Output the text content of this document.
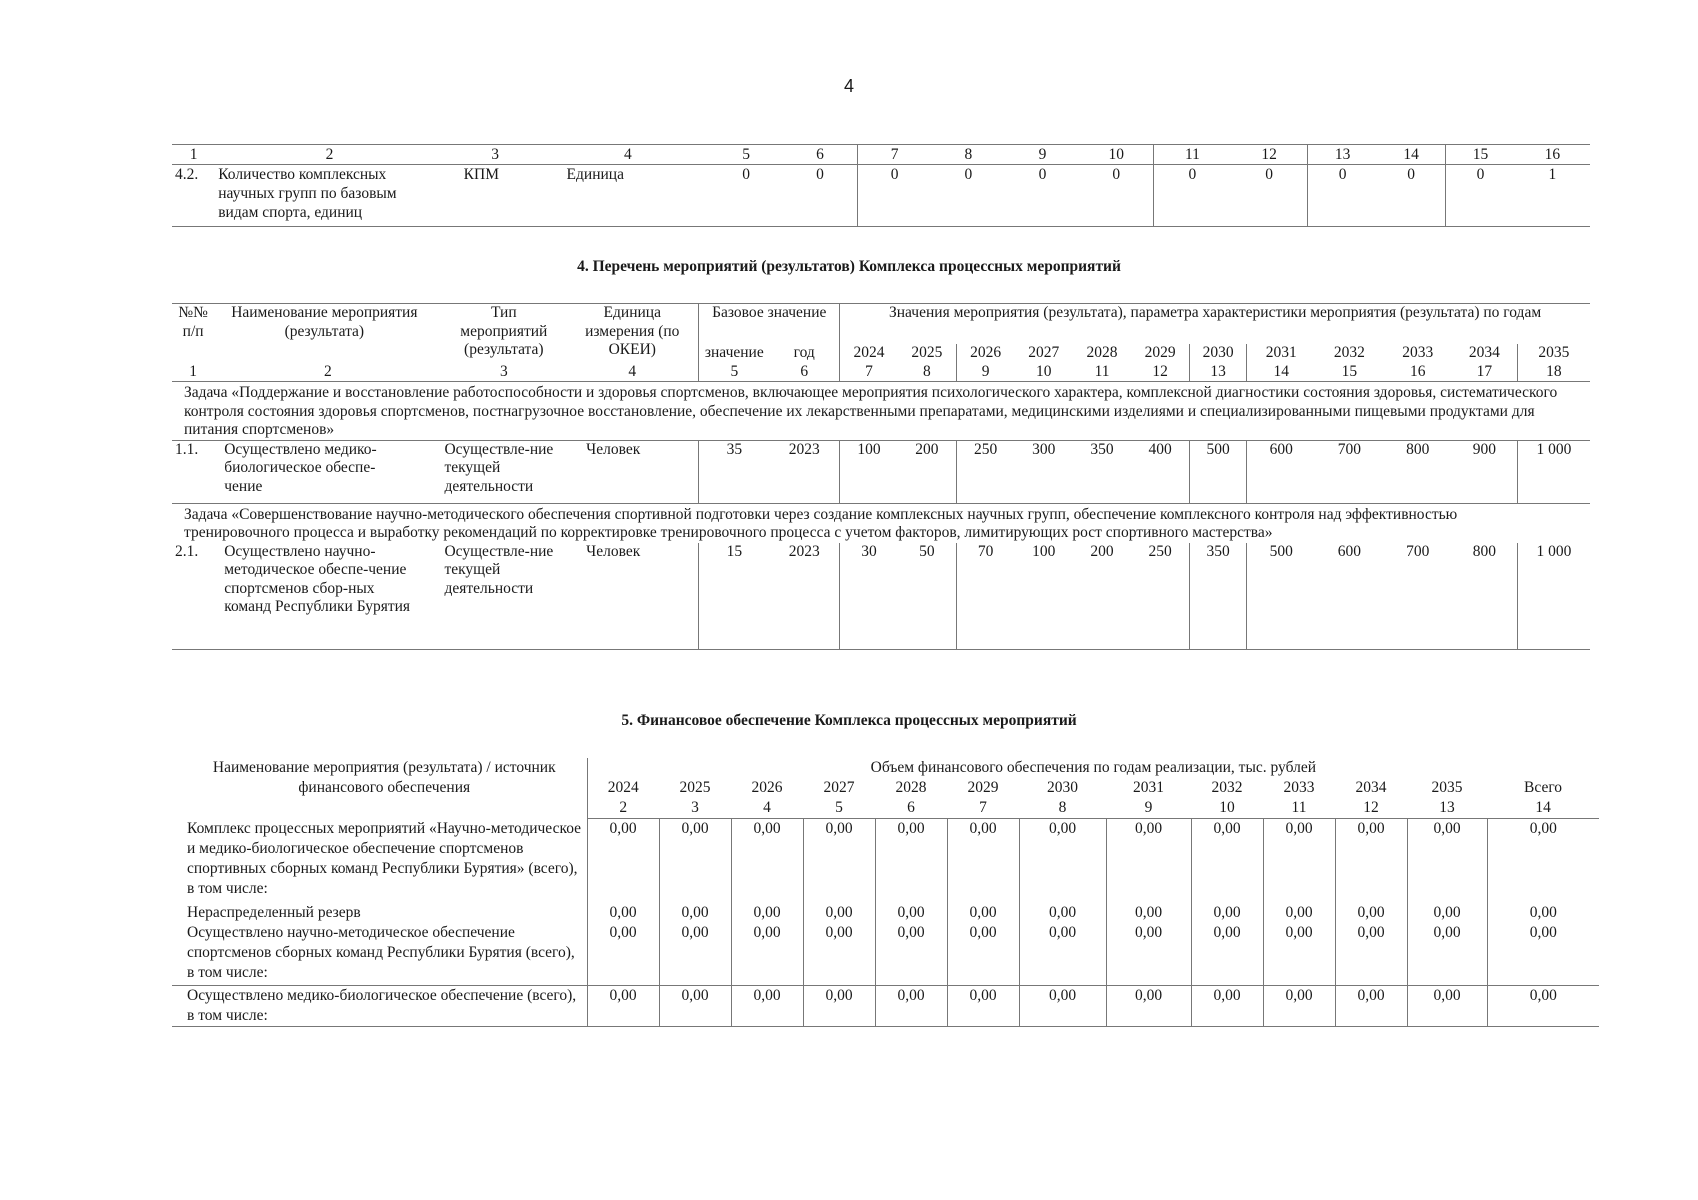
4
1	2	3	4	5	6	7	8	9	10	11	12	13	14	15	16
4.2.	Количество комплексных научных групп по базовым видам спорта, единиц	КПМ	Единица	0	0	0	0	0	0	0	0	0	0	0	1
4. Перечень мероприятий (результатов) Комплекса процессных мероприятий
№№ п/п	Наименование мероприятия (результата)	Тип мероприятий (результата)	Единица измерения (по ОКЕИ)	Базовое значение		Значения мероприятия (результата), параметра характеристики мероприятия (результата) по годам											
				значение	год	2024	2025	2026	2027	2028	2029	2030	2031	2032	2033	2034	2035
1	2	3	4	5	6	7	8	9	10	11	12	13	14	15	16	17	18
Задача «Поддержание и восстановление работоспособности и здоровья спортсменов, включающее мероприятия психологического характера, комплексной диагностики состояния здоровья, систематического контроля состояния здоровья спортсменов, постнагрузочное восстановление, обеспечение их лекарственными препаратами, медицинскими изделиями и специализированными пищевыми продуктами для питания спортсменов»																	
1.1.	Осуществлено медико-биологическое обеспе-чение	Осуществле-ние текущей деятельности	Человек	35	2023	100	200	250	300	350	400	500	600	700	800	900	1 000
Задача «Совершенствование научно-методического обеспечения спортивной подготовки через создание комплексных научных групп, обеспечение комплексного контроля над эффективностью тренировочного процесса и выработку рекомендаций по корректировке тренировочного процесса с учетом факторов, лимитирующих рост спортивного мастерства»																	
2.1.	Осуществлено научно-методическое обеспе-чение спортсменов сбор-ных команд Республики Бурятия	Осуществле-ние текущей деятельности	Человек	15	2023	30	50	70	100	200	250	350	500	600	700	800	1 000
5. Финансовое обеспечение Комплекса процессных мероприятий
Наименование мероприятия (результата) / источник финансового обеспечения	Объем финансового обеспечения по годам реализации, тыс. рублей												
	2024	2025	2026	2027	2028	2029	2030	2031	2032	2033	2034	2035	Всего
	2	3	4	5	6	7	8	9	10	11	12	13	14
Комплекс процессных мероприятий «Научно-методическое и медико-биологическое обеспечение спортсменов спортивных сборных команд Республики Бурятия» (всего), в том числе:	0,00	0,00	0,00	0,00	0,00	0,00	0,00	0,00	0,00	0,00	0,00	0,00	0,00
Нераспределенный резерв	0,00	0,00	0,00	0,00	0,00	0,00	0,00	0,00	0,00	0,00	0,00	0,00	0,00
Осуществлено научно-методическое обеспечение спортсменов сборных команд Республики Бурятия (всего), в том числе:	0,00	0,00	0,00	0,00	0,00	0,00	0,00	0,00	0,00	0,00	0,00	0,00	0,00
Осуществлено медико-биологическое обеспечение (всего), в том числе:	0,00	0,00	0,00	0,00	0,00	0,00	0,00	0,00	0,00	0,00	0,00	0,00	0,00
